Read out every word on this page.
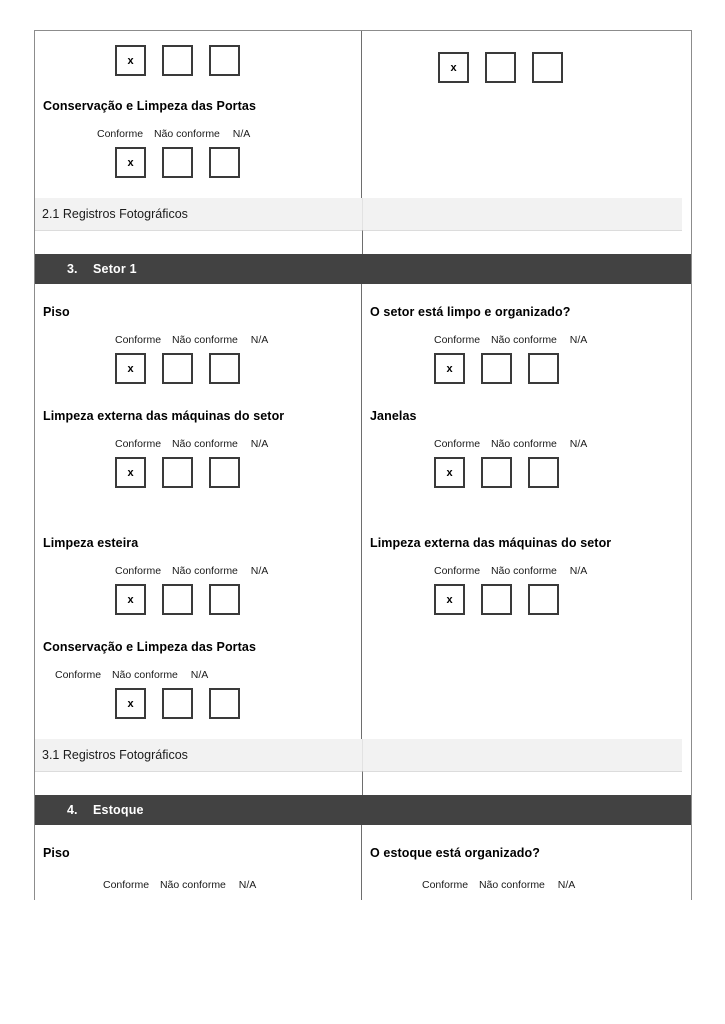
x
Conservação e Limpeza das Portas
Conforme Não conforme N/A
x
x
2.1 Registros Fotográficos
3.	Setor 1
Piso
Conforme Não conforme N/A
x
Limpeza externa das máquinas do setor
Conforme Não conforme N/A
x
Limpeza esteira
Conforme Não conforme N/A
x
Conservação e Limpeza das Portas
Conforme Não conforme N/A
x
O setor está limpo e organizado?
Conforme Não conforme N/A
x
Janelas
Conforme Não conforme N/A
x
Limpeza externa das máquinas do setor
Conforme Não conforme N/A
x
3.1 Registros Fotográficos
4.	Estoque
Piso
Conforme Não conforme N/A
O estoque está organizado?
Conforme Não conforme N/A
